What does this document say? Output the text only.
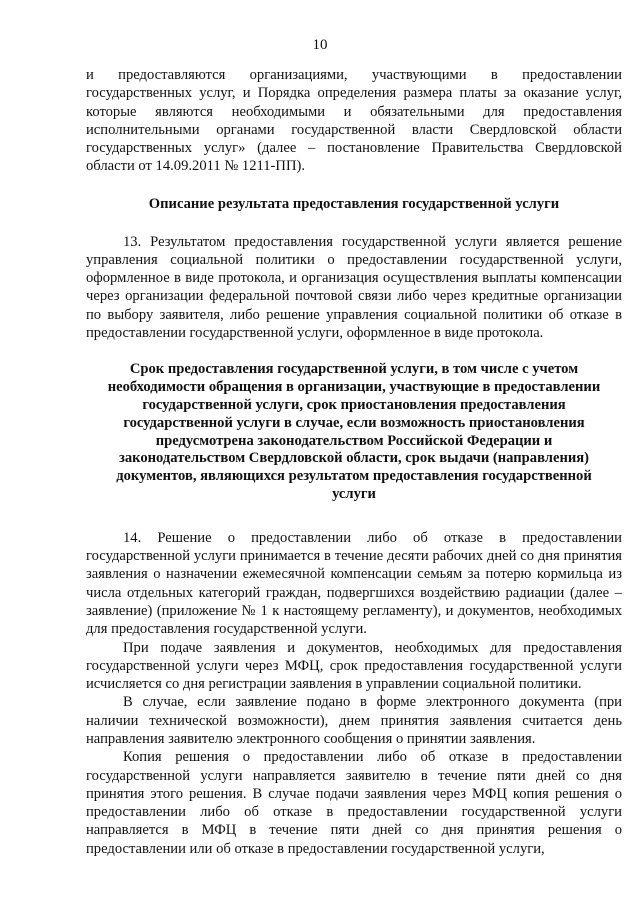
10

и предоставляются организациями, участвующими в предоставлении государственных услуг, и Порядка определения размера платы за оказание услуг, которые являются необходимыми и обязательными для предоставления исполнительными органами государственной власти Свердловской области государственных услуг» (далее – постановление Правительства Свердловской области от 14.09.2011 № 1211-ПП).

Описание результата предоставления государственной услуги

13. Результатом предоставления государственной услуги является решение управления социальной политики о предоставлении государственной услуги, оформленное в виде протокола, и организация осуществления выплаты компенсации через организации федеральной почтовой связи либо через кредитные организации по выбору заявителя, либо решение управления социальной политики об отказе в предоставлении государственной услуги, оформленное в виде протокола.

Срок предоставления государственной услуги, в том числе с учетом необходимости обращения в организации, участвующие в предоставлении государственной услуги, срок приостановления предоставления государственной услуги в случае, если возможность приостановления предусмотрена законодательством Российской Федерации и законодательством Свердловской области, срок выдачи (направления) документов, являющихся результатом предоставления государственной услуги

14. Решение о предоставлении либо об отказе в предоставлении государственной услуги принимается в течение десяти рабочих дней со дня принятия заявления о назначении ежемесячной компенсации семьям за потерю кормильца из числа отдельных категорий граждан, подвергшихся воздействию радиации (далее – заявление) (приложение № 1 к настоящему регламенту), и документов, необходимых для предоставления государственной услуги.

При подаче заявления и документов, необходимых для предоставления государственной услуги через МФЦ, срок предоставления государственной услуги исчисляется со дня регистрации заявления в управлении социальной политики.

В случае, если заявление подано в форме электронного документа (при наличии технической возможности), днем принятия заявления считается день направления заявителю электронного сообщения о принятии заявления.

Копия решения о предоставлении либо об отказе в предоставлении государственной услуги направляется заявителю в течение пяти дней со дня принятия этого решения. В случае подачи заявления через МФЦ копия решения о предоставлении либо об отказе в предоставлении государственной услуги направляется в МФЦ в течение пяти дней со дня принятия решения о предоставлении или об отказе в предоставлении государственной услуги,
